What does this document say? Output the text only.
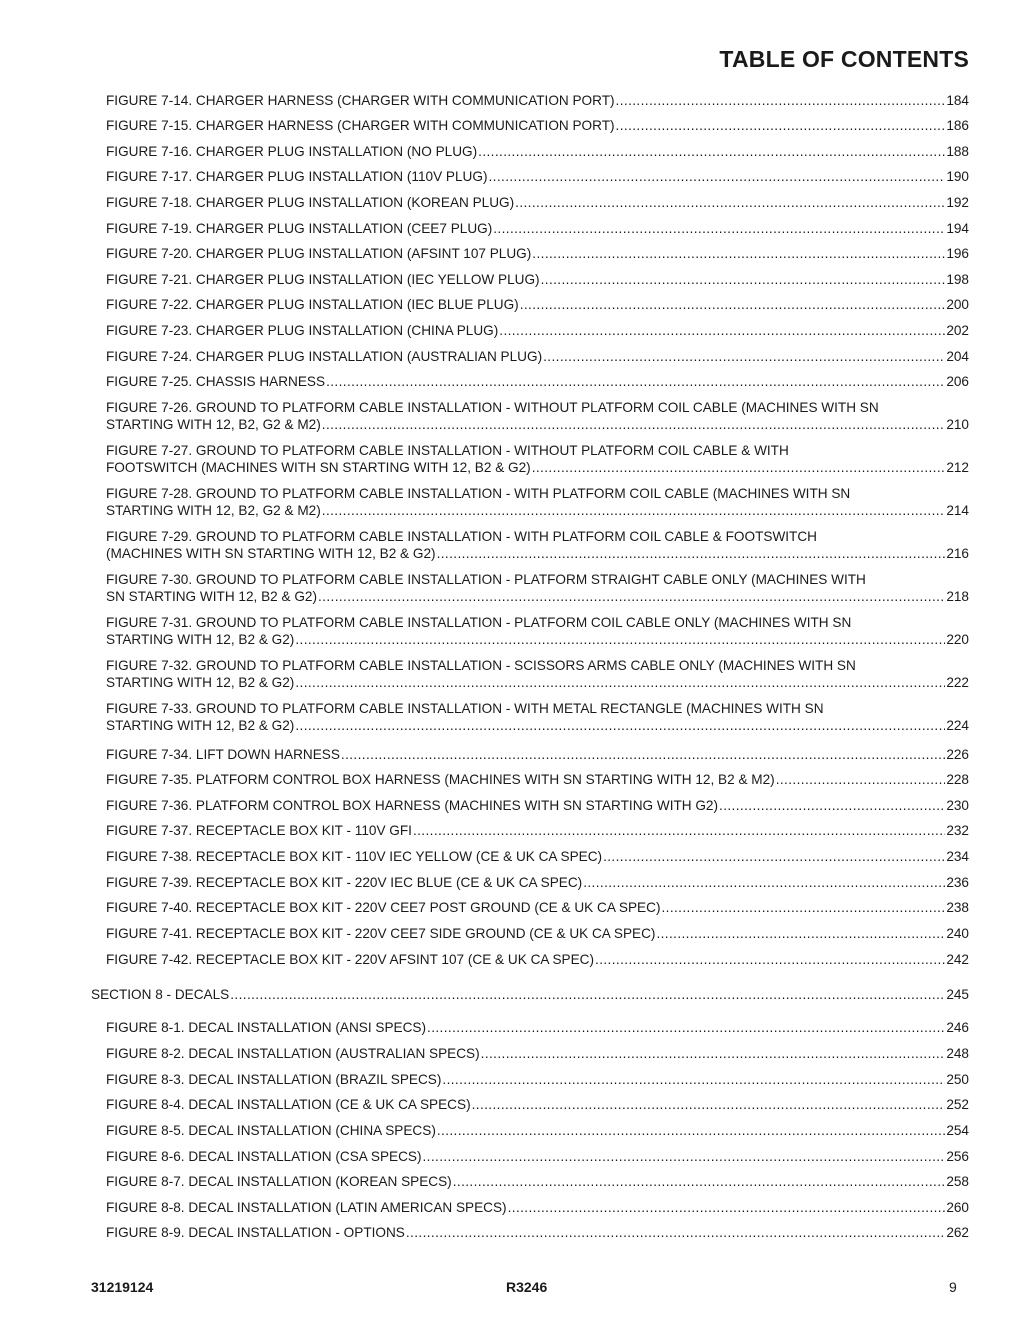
TABLE OF CONTENTS
FIGURE 7-14. CHARGER HARNESS (CHARGER WITH COMMUNICATION PORT) .....	184
FIGURE 7-15. CHARGER HARNESS (CHARGER WITH COMMUNICATION PORT) .....	186
FIGURE 7-16. CHARGER PLUG INSTALLATION (NO PLUG) .....	188
FIGURE 7-17. CHARGER PLUG INSTALLATION (110V PLUG) .....	190
FIGURE 7-18. CHARGER PLUG INSTALLATION (KOREAN PLUG) .....	192
FIGURE 7-19. CHARGER PLUG INSTALLATION (CEE7 PLUG) .....	194
FIGURE 7-20. CHARGER PLUG INSTALLATION (AFSINT 107 PLUG) .....	196
FIGURE 7-21. CHARGER PLUG INSTALLATION (IEC YELLOW PLUG) .....	198
FIGURE 7-22. CHARGER PLUG INSTALLATION (IEC BLUE PLUG) .....	200
FIGURE 7-23. CHARGER PLUG INSTALLATION (CHINA PLUG) .....	202
FIGURE 7-24. CHARGER PLUG INSTALLATION (AUSTRALIAN PLUG) .....	204
FIGURE 7-25. CHASSIS HARNESS .....	206
FIGURE 7-26. GROUND TO PLATFORM CABLE INSTALLATION - WITHOUT PLATFORM COIL CABLE (MACHINES WITH SN
STARTING WITH 12, B2, G2 & M2) .....	210
FIGURE 7-27. GROUND TO PLATFORM CABLE INSTALLATION - WITHOUT PLATFORM COIL CABLE & WITH
FOOTSWITCH (MACHINES WITH SN STARTING WITH 12, B2 & G2) .....	212
FIGURE 7-28. GROUND TO PLATFORM CABLE INSTALLATION - WITH PLATFORM COIL CABLE (MACHINES WITH SN
STARTING WITH 12, B2, G2 & M2) .....	214
FIGURE 7-29. GROUND TO PLATFORM CABLE INSTALLATION - WITH PLATFORM COIL CABLE & FOOTSWITCH
(MACHINES WITH SN STARTING WITH 12, B2 & G2) .....	216
FIGURE 7-30. GROUND TO PLATFORM CABLE INSTALLATION - PLATFORM STRAIGHT CABLE ONLY (MACHINES WITH
SN STARTING WITH 12, B2 & G2) .....	218
FIGURE 7-31. GROUND TO PLATFORM CABLE INSTALLATION - PLATFORM COIL CABLE ONLY (MACHINES WITH SN
STARTING WITH 12, B2 & G2) .....	220
FIGURE 7-32. GROUND TO PLATFORM CABLE INSTALLATION - SCISSORS ARMS CABLE ONLY (MACHINES WITH SN
STARTING WITH 12, B2 & G2) .....	222
FIGURE 7-33. GROUND TO PLATFORM CABLE INSTALLATION - WITH METAL RECTANGLE (MACHINES WITH SN
STARTING WITH 12, B2 & G2) .....	224
FIGURE 7-34. LIFT DOWN HARNESS .....	226
FIGURE 7-35. PLATFORM CONTROL BOX HARNESS (MACHINES WITH SN STARTING WITH 12, B2 & M2) .....	228
FIGURE 7-36. PLATFORM CONTROL BOX HARNESS (MACHINES WITH SN STARTING WITH G2) .....	230
FIGURE 7-37. RECEPTACLE BOX KIT - 110V GFI .....	232
FIGURE 7-38. RECEPTACLE BOX KIT - 110V IEC YELLOW (CE & UK CA SPEC) .....	234
FIGURE 7-39. RECEPTACLE BOX KIT - 220V IEC BLUE (CE & UK CA SPEC) .....	236
FIGURE 7-40. RECEPTACLE BOX KIT - 220V CEE7 POST GROUND (CE & UK CA SPEC) .....	238
FIGURE 7-41. RECEPTACLE BOX KIT - 220V CEE7 SIDE GROUND (CE & UK CA SPEC) .....	240
FIGURE 7-42. RECEPTACLE BOX KIT - 220V AFSINT 107 (CE & UK CA SPEC) .....	242
SECTION 8 - DECALS .....	245
FIGURE 8-1. DECAL INSTALLATION (ANSI SPECS) .....	246
FIGURE 8-2. DECAL INSTALLATION (AUSTRALIAN SPECS) .....	248
FIGURE 8-3. DECAL INSTALLATION (BRAZIL SPECS) .....	250
FIGURE 8-4. DECAL INSTALLATION (CE & UK CA SPECS) .....	252
FIGURE 8-5. DECAL INSTALLATION (CHINA SPECS) .....	254
FIGURE 8-6. DECAL INSTALLATION (CSA SPECS) .....	256
FIGURE 8-7. DECAL INSTALLATION (KOREAN SPECS) .....	258
FIGURE 8-8. DECAL INSTALLATION (LATIN AMERICAN SPECS) .....	260
FIGURE 8-9. DECAL INSTALLATION - OPTIONS .....	262
31219124	R3246	9
